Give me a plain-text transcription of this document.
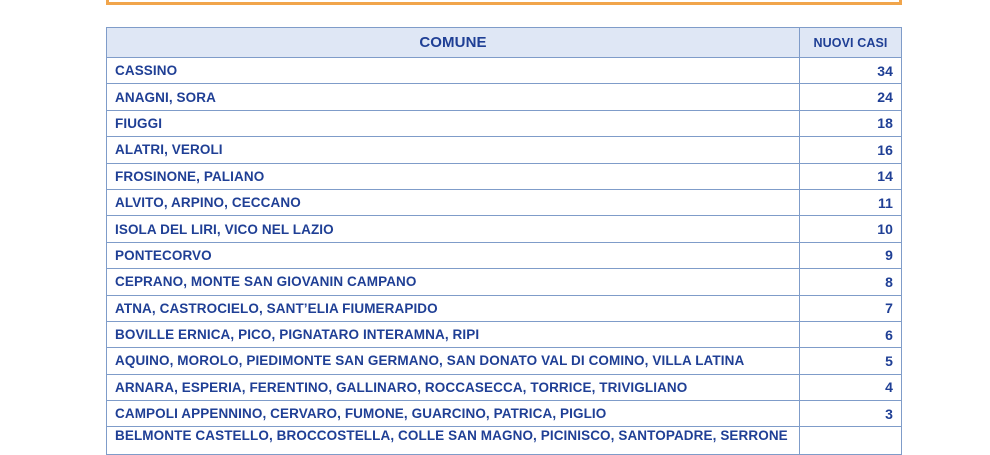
COMUNE	NUOVI CASI
CASSINO	34
ANAGNI, SORA	24
FIUGGI	18
ALATRI, VEROLI	16
FROSINONE, PALIANO	14
ALVITO, ARPINO, CECCANO	11
ISOLA DEL LIRI, VICO NEL LAZIO	10
PONTECORVO	9
CEPRANO, MONTE SAN GIOVANIN CAMPANO	8
ATNA, CASTROCIELO, SANT’ELIA FIUMERAPIDO	7
BOVILLE ERNICA, PICO, PIGNATARO INTERAMNA, RIPI	6
AQUINO, MOROLO, PIEDIMONTE SAN GERMANO, SAN DONATO VAL DI COMINO, VILLA LATINA	5
ARNARA, ESPERIA, FERENTINO, GALLINARO, ROCCASECCA, TORRICE, TRIVIGLIANO	4
CAMPOLI APPENNINO, CERVARO, FUMONE, GUARCINO, PATRICA, PIGLIO	3
BELMONTE CASTELLO, BROCCOSTELLA, COLLE SAN MAGNO, PICINISCO, SANTOPADRE, SERRONE	
